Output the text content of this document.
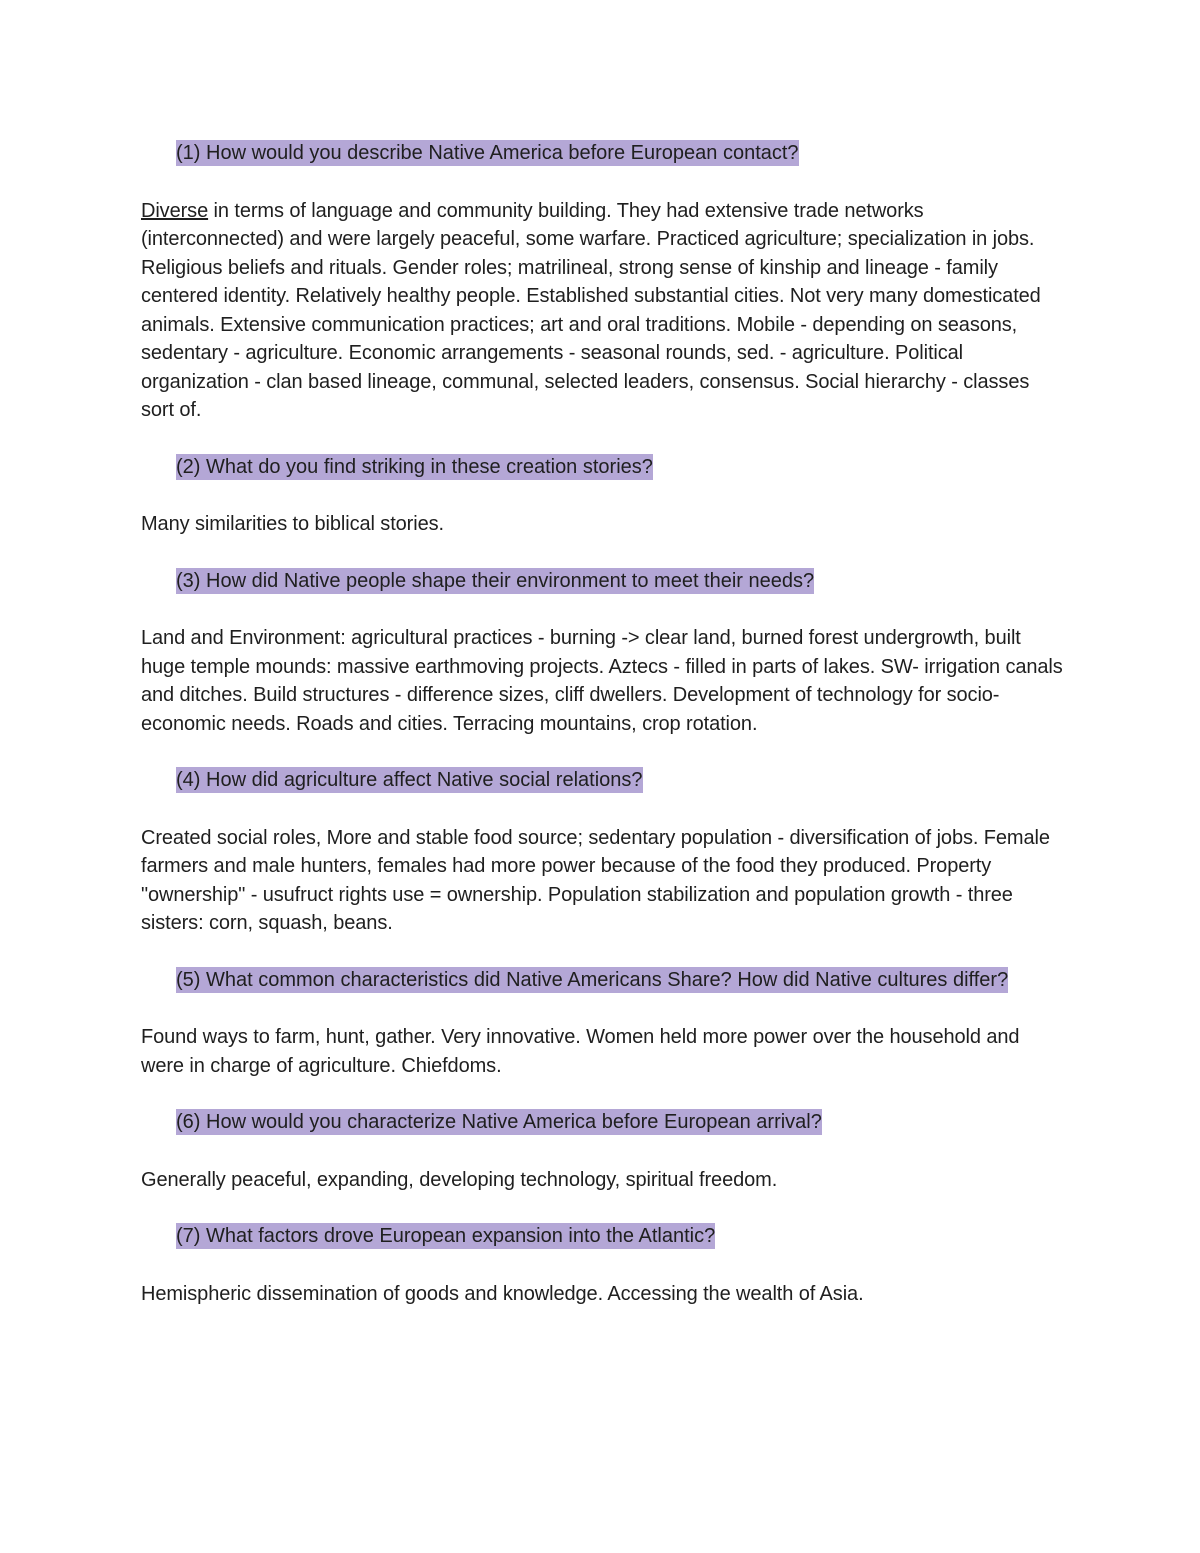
(1) How would you describe Native America before European contact?

Diverse in terms of language and community building. They had extensive trade networks (interconnected) and were largely peaceful, some warfare. Practiced agriculture; specialization in jobs. Religious beliefs and rituals. Gender roles; matrilineal, strong sense of kinship and lineage - family centered identity. Relatively healthy people. Established substantial cities. Not very many domesticated animals. Extensive communication practices; art and oral traditions. Mobile - depending on seasons, sedentary - agriculture. Economic arrangements - seasonal rounds, sed. - agriculture. Political organization - clan based lineage, communal, selected leaders, consensus. Social hierarchy - classes sort of.

(2) What do you find striking in these creation stories?

Many similarities to biblical stories.

(3) How did Native people shape their environment to meet their needs?

Land and Environment: agricultural practices - burning -> clear land, burned forest undergrowth, built huge temple mounds: massive earthmoving projects. Aztecs - filled in parts of lakes. SW- irrigation canals and ditches. Build structures - difference sizes, cliff dwellers. Development of technology for socio-economic needs. Roads and cities. Terracing mountains, crop rotation.

(4) How did agriculture affect Native social relations?

Created social roles, More and stable food source; sedentary population - diversification of jobs. Female farmers and male hunters, females had more power because of the food they produced. Property "ownership" - usufruct rights use = ownership. Population stabilization and population growth - three sisters: corn, squash, beans.

(5) What common characteristics did Native Americans Share? How did Native cultures differ?

Found ways to farm, hunt, gather. Very innovative. Women held more power over the household and were in charge of agriculture. Chiefdoms.

(6) How would you characterize Native America before European arrival?

Generally peaceful, expanding, developing technology, spiritual freedom.

(7) What factors drove European expansion into the Atlantic?

Hemispheric dissemination of goods and knowledge. Accessing the wealth of Asia.
